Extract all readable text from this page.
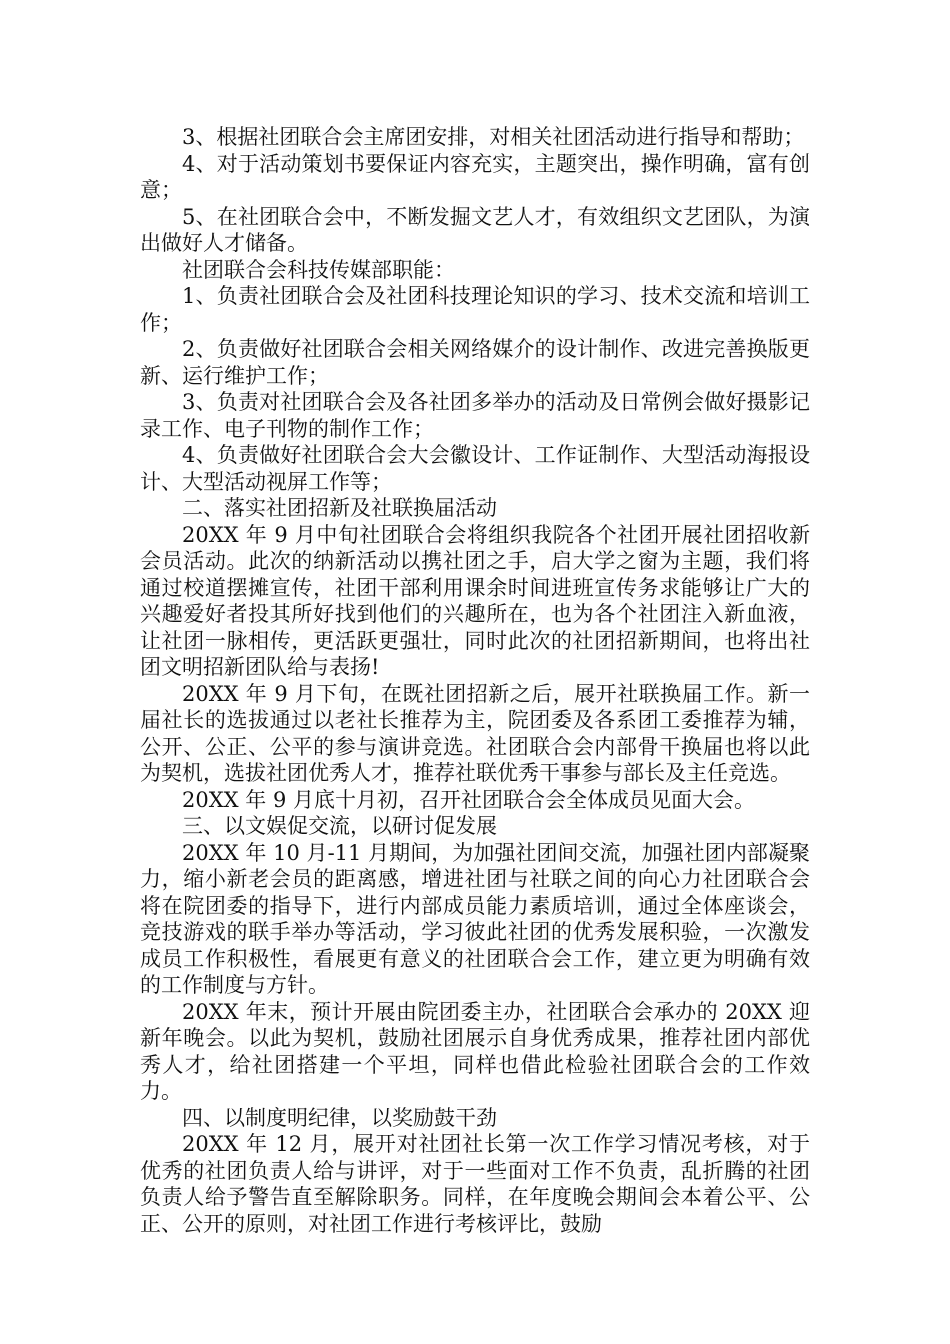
3、根据社团联合会主席团安排，对相关社团活动进行指导和帮助；

4、对于活动策划书要保证内容充实，主题突出，操作明确，富有创意；

5、在社团联合会中，不断发掘文艺人才，有效组织文艺团队，为演出做好人才储备。

社团联合会科技传媒部职能：

1、负责社团联合会及社团科技理论知识的学习、技术交流和培训工作；

2、负责做好社团联合会相关网络媒介的设计制作、改进完善换版更新、运行维护工作；

3、负责对社团联合会及各社团多举办的活动及日常例会做好摄影记录工作、电子刊物的制作工作；

4、负责做好社团联合会大会徽设计、工作证制作、大型活动海报设计、大型活动视屏工作等；

二、落实社团招新及社联换届活动

20XX 年 9 月中旬社团联合会将组织我院各个社团开展社团招收新会员活动。此次的纳新活动以携社团之手，启大学之窗为主题，我们将通过校道摆摊宣传，社团干部利用课余时间进班宣传务求能够让广大的兴趣爱好者投其所好找到他们的兴趣所在，也为各个社团注入新血液，让社团一脉相传，更活跃更强壮，同时此次的社团招新期间，也将出社团文明招新团队给与表扬!

20XX 年 9 月下旬，在既社团招新之后，展开社联换届工作。新一届社长的选拔通过以老社长推荐为主，院团委及各系团工委推荐为辅，公开、公正、公平的参与演讲竞选。社团联合会内部骨干换届也将以此为契机，选拔社团优秀人才，推荐社联优秀干事参与部长及主任竞选。

20XX 年 9 月底十月初，召开社团联合会全体成员见面大会。

三、以文娱促交流，以研讨促发展

20XX 年 10 月-11 月期间，为加强社团间交流，加强社团内部凝聚力，缩小新老会员的距离感，增进社团与社联之间的向心力社团联合会将在院团委的指导下，进行内部成员能力素质培训，通过全体座谈会，竞技游戏的联手举办等活动，学习彼此社团的优秀发展积验，一次激发成员工作积极性，看展更有意义的社团联合会工作，建立更为明确有效的工作制度与方针。

20XX 年末，预计开展由院团委主办，社团联合会承办的 20XX 迎新年晚会。以此为契机，鼓励社团展示自身优秀成果，推荐社团内部优秀人才，给社团搭建一个平坦，同样也借此检验社团联合会的工作效力。

四、以制度明纪律，以奖励鼓干劲

20XX 年 12 月，展开对社团社长第一次工作学习情况考核，对于优秀的社团负责人给与讲评，对于一些面对工作不负责，乱折腾的社团负责人给予警告直至解除职务。同样，在年度晚会期间会本着公平、公正、公开的原则，对社团工作进行考核评比，鼓励
